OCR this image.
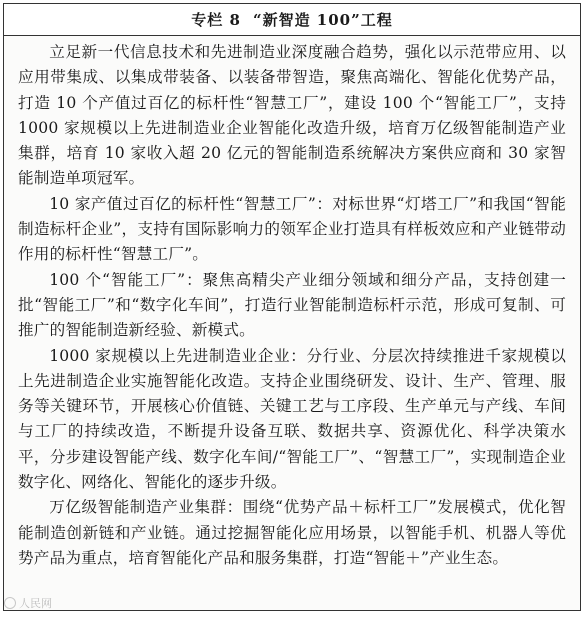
专栏 8 “新智造 100”工程

立足新一代信息技术和先进制造业深度融合趋势，强化以示范带应用、以应用带集成、以集成带装备、以装备带智造，聚焦高端化、智能化优势产品，打造 10 个产值过百亿的标杆性“智慧工厂”，建设 100 个“智能工厂”，支持 1000 家规模以上先进制造业企业智能化改造升级，培育万亿级智能制造产业集群，培育 10 家收入超 20 亿元的智能制造系统解决方案供应商和 30 家智能制造单项冠军。

10 家产值过百亿的标杆性“智慧工厂”：对标世界“灯塔工厂”和我国“智能制造标杆企业”，支持有国际影响力的领军企业打造具有样板效应和产业链带动作用的标杆性“智慧工厂”。

100 个“智能工厂”：聚焦高精尖产业细分领域和细分产品，支持创建一批“智能工厂”和“数字化车间”，打造行业智能制造标杆示范，形成可复制、可推广的智能制造新经验、新模式。

1000 家规模以上先进制造业企业：分行业、分层次持续推进千家规模以上先进制造企业实施智能化改造。支持企业围绕研发、设计、生产、管理、服务等关键环节，开展核心价值链、关键工艺与工序段、生产单元与产线、车间与工厂的持续改造，不断提升设备互联、数据共享、资源优化、科学决策水平，分步建设智能产线、数字化车间/“智能工厂”、“智慧工厂”，实现制造企业数字化、网络化、智能化的逐步升级。

万亿级智能制造产业集群：围绕“优势产品＋标杆工厂”发展模式，优化智能制造创新链和产业链。通过挖掘智能化应用场景，以智能手机、机器人等优势产品为重点，培育智能化产品和服务集群，打造“智能＋”产业生态。

人民网
